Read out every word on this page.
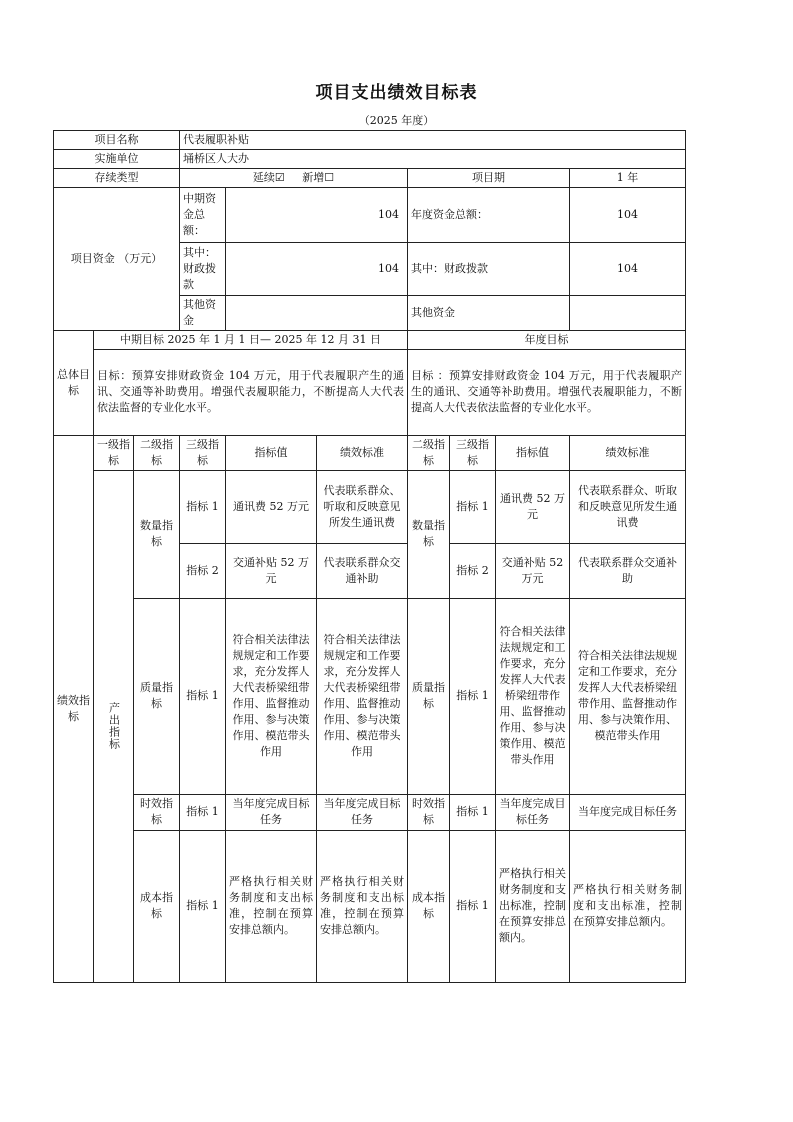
项目支出绩效目标表
（2025 年度）
项目名称			代表履职补贴						
实施单位			埇桥区人大办						
存续类型			延续☑ 新增☐			项目期			1 年
项目资金 （万元）			中期资金总额：	104		年度资金总额：			104
			其中：财政拨款	104		其中：财政拨款			104
			其他资金			其他资金			
总体目标	中期目标 2025 年 1 月 1 日— 2025 年 12 月 31 日					年度目标			
	目标：预算安排财政资金 104 万元，用于代表履职产生的通讯、交通等补助费用。增强代表履职能力，不断提高人大代表依法监督的专业化水平。					目标 ：预算安排财政资金 104 万元，用于代表履职产生的通讯、交通等补助费用。增强代表履职能力，不断提高人大代表依法监督的专业化水平。			
绩效指标	一级指标	二级指标	三级指标	指标值	绩效标准	二级指标	三级指标	指标值	绩效标准

	产出指标	数量指标	指标 1	通讯费 52 万元	代表联系群众、听取和反映意见所发生通讯费	数量指标	指标 1	通讯费 52 万元	代表联系群众、听取和反映意见所发生通讯费
			指标 2	交通补贴 52 万元	代表联系群众交通补助		指标 2	交通补贴 52 万元	代表联系群众交通补助
		质量指标	指标 1	符合相关法律法规规定和工作要求，充分发挥人大代表桥梁纽带作用、监督推动作用、参与决策作用、模范带头作用	符合相关法律法规规定和工作要求，充分发挥人大代表桥梁纽带作用、监督推动作用、参与决策作用、模范带头作用	质量指标	指标 1	符合相关法律法规规定和工作要求，充分发挥人大代表桥梁纽带作用、监督推动作用、参与决策作用、模范带头作用	符合相关法律法规规定和工作要求，充分发挥人大代表桥梁纽带作用、监督推动作用、参与决策作用、模范带头作用
		时效指标	指标 1	当年度完成目标任务	当年度完成目标任务	时效指标	指标 1	当年度完成目标任务	当年度完成目标任务
		成本指标	指标 1	严格执行相关财务制度和支出标准，控制在预算安排总额内。	严格执行相关财务制度和支出标准，控制在预算安排总额内。	成本指标	指标 1	严格执行相关财务制度和支出标准，控制在预算安排总额内。	严格执行相关财务制度和支出标准，控制在预算安排总额内。
